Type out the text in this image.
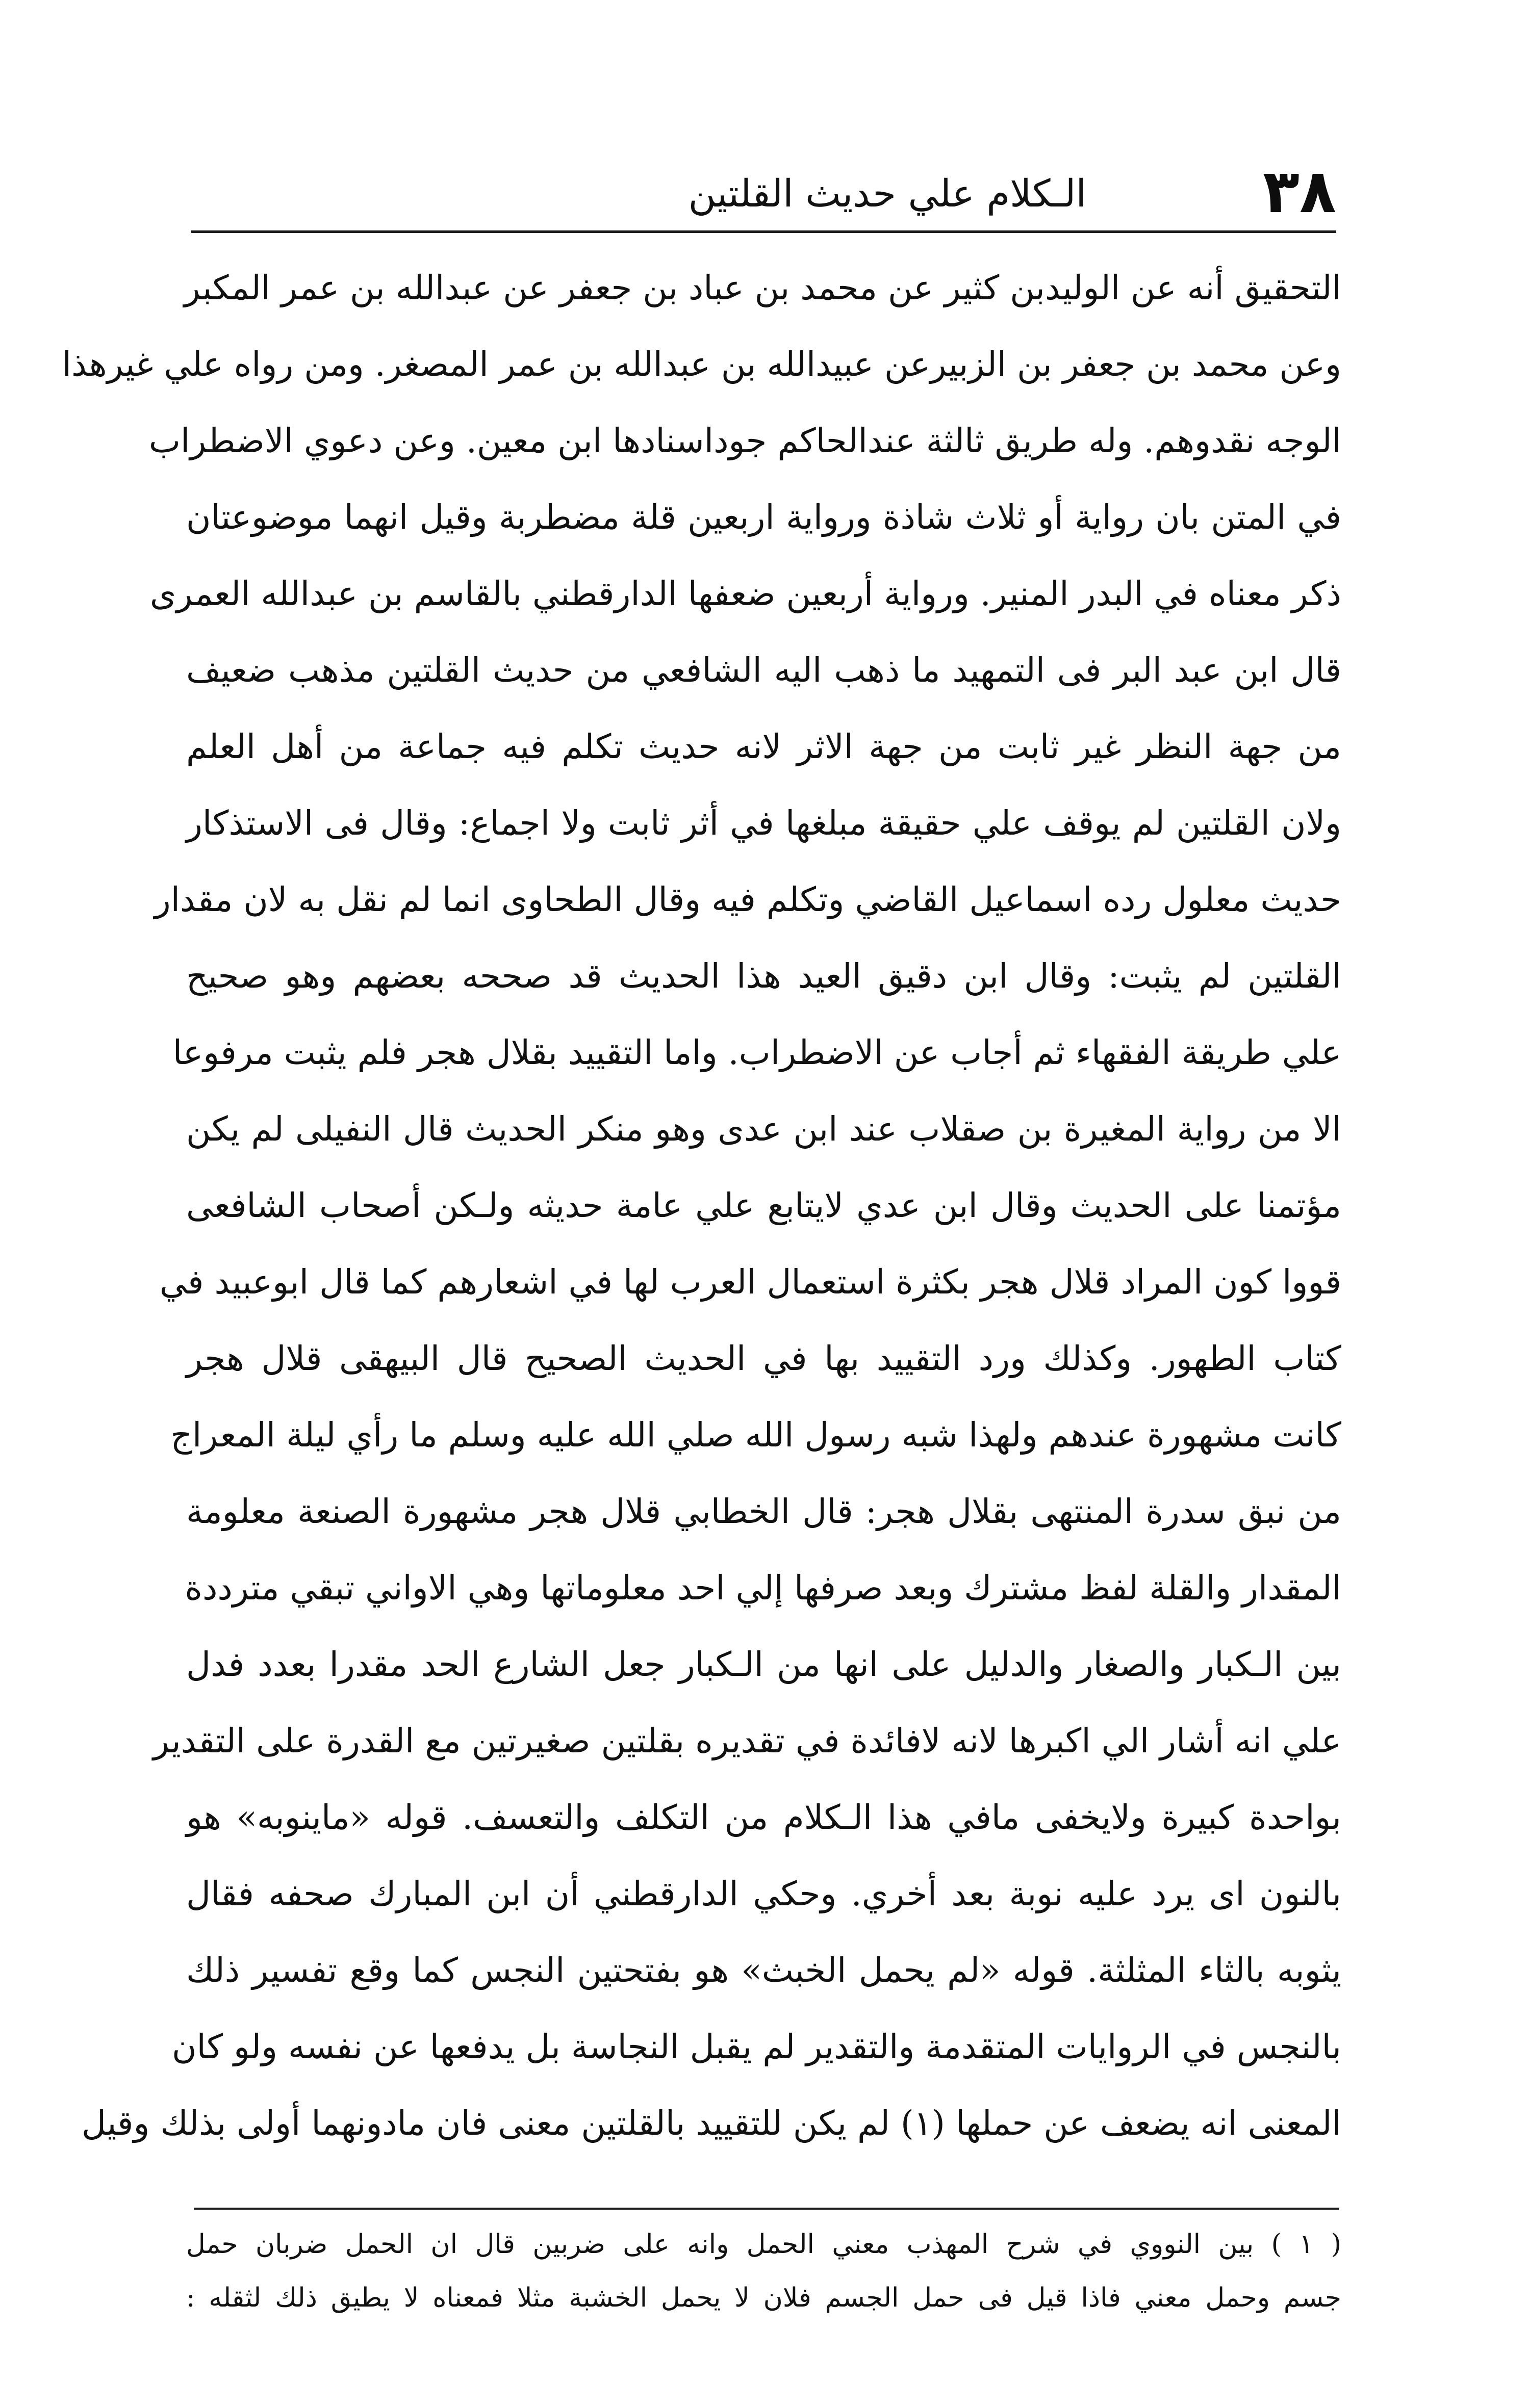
٣٨
الـكلام علي حديث القلتين
التحقيق أنه عن الوليدبن كثير عن محمد بن عباد بن جعفر عن عبدالله بن عمر المكبر
وعن محمد بن جعفر بن الزبيرعن عبيدالله بن عبدالله بن عمر المصغر. ومن رواه علي غيرهذا
الوجه نقدوهم. وله طريق ثالثة عندالحاكم جوداسنادها ابن معين. وعن دعوي الاضطراب
في المتن بان رواية أو ثلاث شاذة ورواية اربعين قلة مضطربة وقيل انهما موضوعتان
ذكر معناه في البدر المنير. ورواية أربعين ضعفها الدارقطني بالقاسم بن عبدالله العمرى
قال ابن عبد البر فى التمهيد ما ذهب اليه الشافعي من حديث القلتين مذهب ضعيف
من جهة النظر غير ثابت من جهة الاثر لانه حديث تكلم فيه جماعة من أهل العلم
ولان القلتين لم يوقف علي حقيقة مبلغها في أثر ثابت ولا اجماع: وقال فى الاستذكار
حديث معلول رده اسماعيل القاضي وتكلم فيه وقال الطحاوى انما لم نقل به لان مقدار
القلتين لم يثبت: وقال ابن دقيق العيد هذا الحديث قد صححه بعضهم وهو صحيح
علي طريقة الفقهاء ثم أجاب عن الاضطراب. واما التقييد بقلال هجر فلم يثبت مرفوعا
الا من رواية المغيرة بن صقلاب عند ابن عدى وهو منكر الحديث قال النفيلى لم يكن
مؤتمنا على الحديث وقال ابن عدي لايتابع علي عامة حديثه ولـكن أصحاب الشافعى
قووا كون المراد قلال هجر بكثرة استعمال العرب لها في اشعارهم كما قال ابوعبيد في
كتاب الطهور. وكذلك ورد التقييد بها في الحديث الصحيح قال البيهقى قلال هجر
كانت مشهورة عندهم ولهذا شبه رسول الله صلي الله عليه وسلم ما رأي ليلة المعراج
من نبق سدرة المنتهى بقلال هجر: قال الخطابي قلال هجر مشهورة الصنعة معلومة
المقدار والقلة لفظ مشترك وبعد صرفها إلي احد معلوماتها وهي الاواني تبقي مترددة
بين الـكبار والصغار والدليل على انها من الـكبار جعل الشارع الحد مقدرا بعدد فدل
علي انه أشار الي اكبرها لانه لافائدة في تقديره بقلتين صغيرتين مع القدرة على التقدير
بواحدة كبيرة ولايخفى مافي هذا الـكلام من التكلف والتعسف. قوله «ماينوبه» هو
بالنون اى يرد عليه نوبة بعد أخري. وحكي الدارقطني أن ابن المبارك صحفه فقال
يثوبه بالثاء المثلثة. قوله «لم يحمل الخبث» هو بفتحتين النجس كما وقع تفسير ذلك
بالنجس في الروايات المتقدمة والتقدير لم يقبل النجاسة بل يدفعها عن نفسه ولو كان
المعنى انه يضعف عن حملها (١) لم يكن للتقييد بالقلتين معنى فان مادونهما أولى بذلك وقيل
( ١ ) بين النووي في شرح المهذب معني الحمل وانه على ضربين قال ان الحمل ضربان حمل
جسم وحمل معني فاذا قيل فى حمل الجسم فلان لا يحمل الخشبة مثلا فمعناه لا يطيق ذلك لثقله :
